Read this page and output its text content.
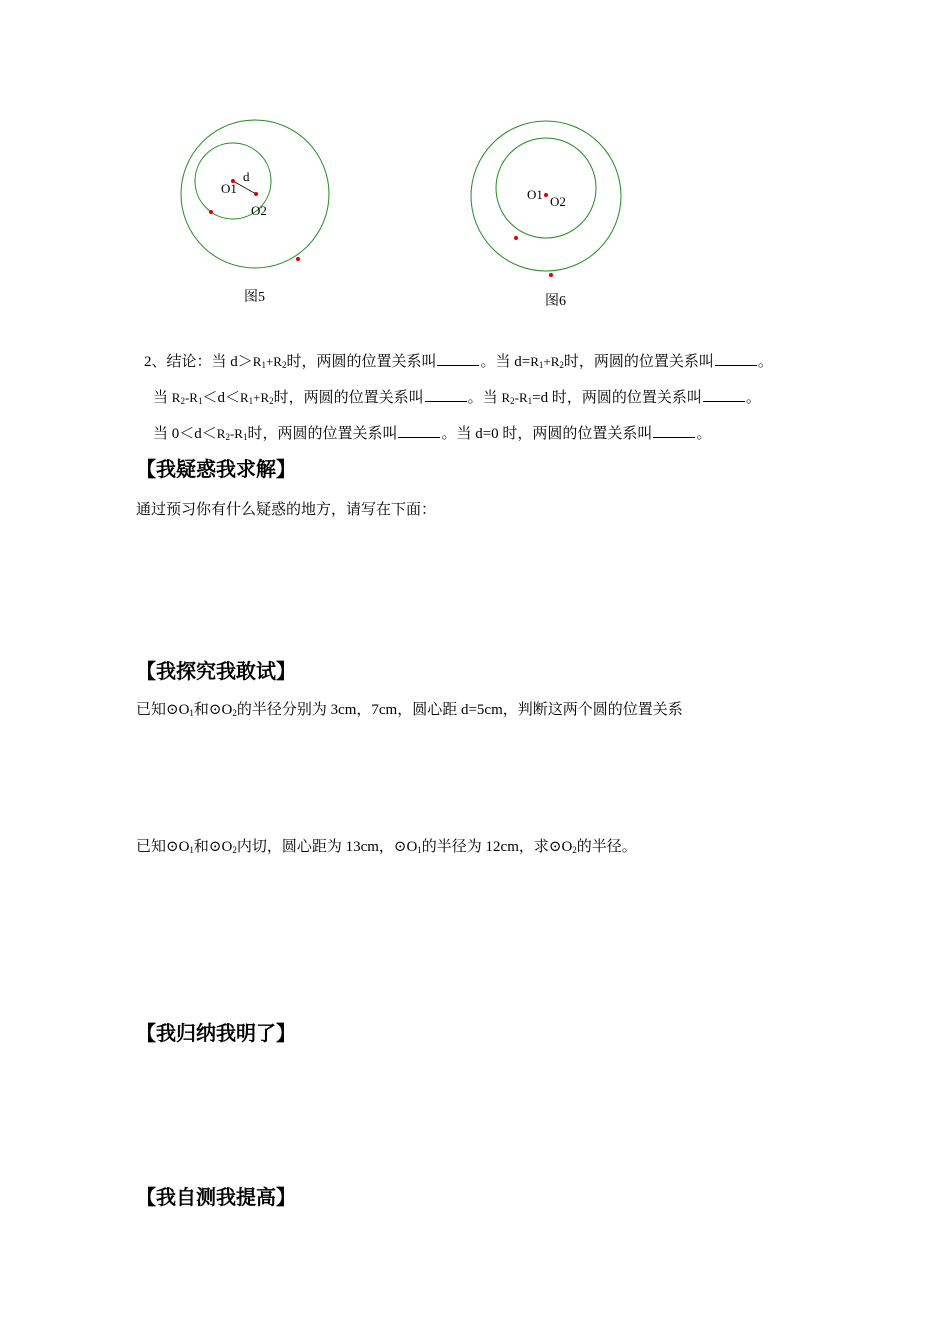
d
O1
O2
图5
O1 O2
图6
2、结论：当 $d>R_1+R_2$时，两圆的位置关系叫	。当 $d=R_1+R_2$时，两圆的位置关系叫	。
当 $R_2-R_1<d<R_1+R_2$时，两圆的位置关系叫	。当 $R_2-R_1=d$ 时，两圆的位置关系叫	。
当 $0<d<R_2-R_1$时，两圆的位置关系叫	。当 d=0 时，两圆的位置关系叫	。
【我疑惑我求解】
通过预习你有什么疑惑的地方，请写在下面：
【我探究我敢试】
已知$⊙O_1$和$⊙O_2$的半径分别为 3cm，7cm，圆心距 d=5cm，判断这两个圆的位置关系
已知$⊙O_1$和$⊙O_2$内切，圆心距为 13cm，$⊙O_1$的半径为 12cm，求$⊙O_2$的半径。
【我归纳我明了】
【我自测我提高】
